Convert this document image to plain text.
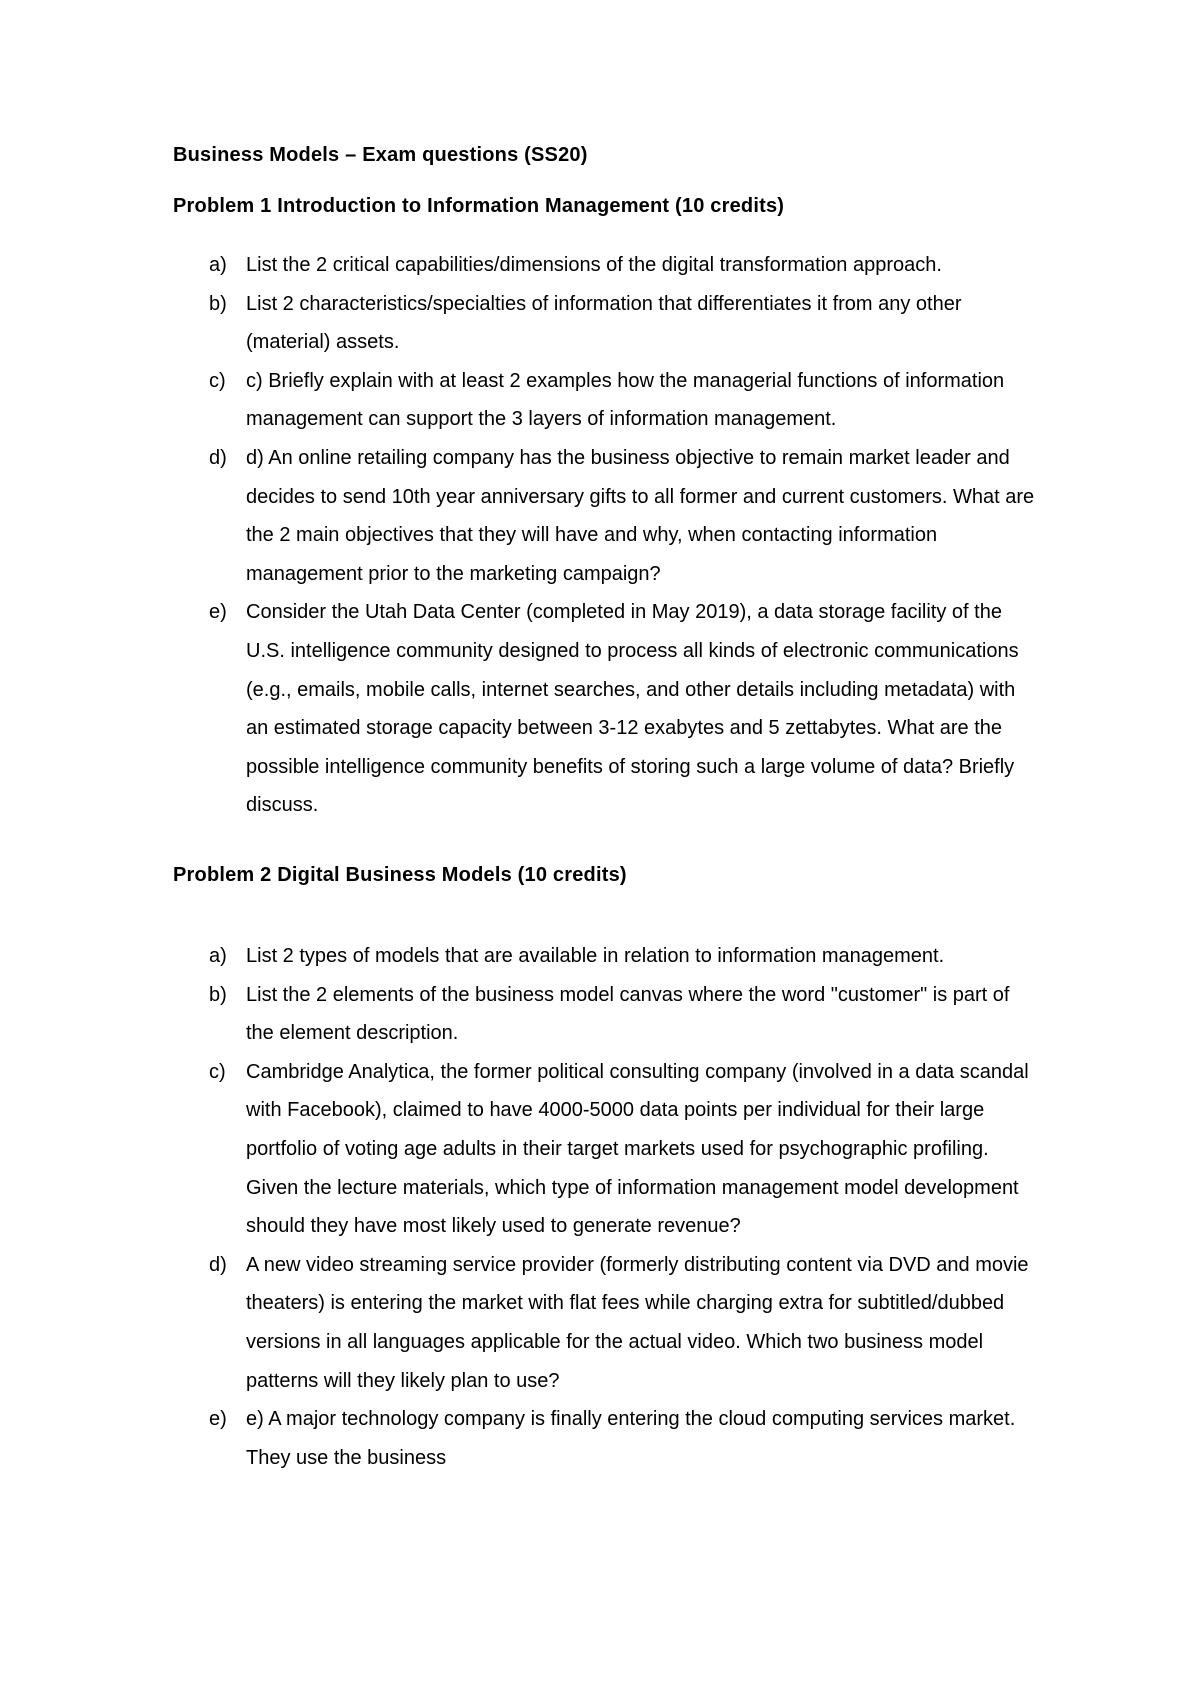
Business Models – Exam questions (SS20)
Problem 1 Introduction to Information Management (10 credits)
a) List the 2 critical capabilities/dimensions of the digital transformation approach.
b) List 2 characteristics/specialties of information that differentiates it from any other (material) assets.
c) c) Briefly explain with at least 2 examples how the managerial functions of information management can support the 3 layers of information management.
d) d) An online retailing company has the business objective to remain market leader and decides to send 10th year anniversary gifts to all former and current customers. What are the 2 main objectives that they will have and why, when contacting information management prior to the marketing campaign?
e) Consider the Utah Data Center (completed in May 2019), a data storage facility of the U.S. intelligence community designed to process all kinds of electronic communications (e.g., emails, mobile calls, internet searches, and other details including metadata) with an estimated storage capacity between 3-12 exabytes and 5 zettabytes. What are the possible intelligence community benefits of storing such a large volume of data? Briefly discuss.
Problem 2 Digital Business Models (10 credits)
a) List 2 types of models that are available in relation to information management.
b) List the 2 elements of the business model canvas where the word "customer" is part of the element description.
c) Cambridge Analytica, the former political consulting company (involved in a data scandal with Facebook), claimed to have 4000-5000 data points per individual for their large portfolio of voting age adults in their target markets used for psychographic profiling. Given the lecture materials, which type of information management model development should they have most likely used to generate revenue?
d) A new video streaming service provider (formerly distributing content via DVD and movie theaters) is entering the market with flat fees while charging extra for subtitled/dubbed versions in all languages applicable for the actual video. Which two business model patterns will they likely plan to use?
e) e) A major technology company is finally entering the cloud computing services market. They use the business
